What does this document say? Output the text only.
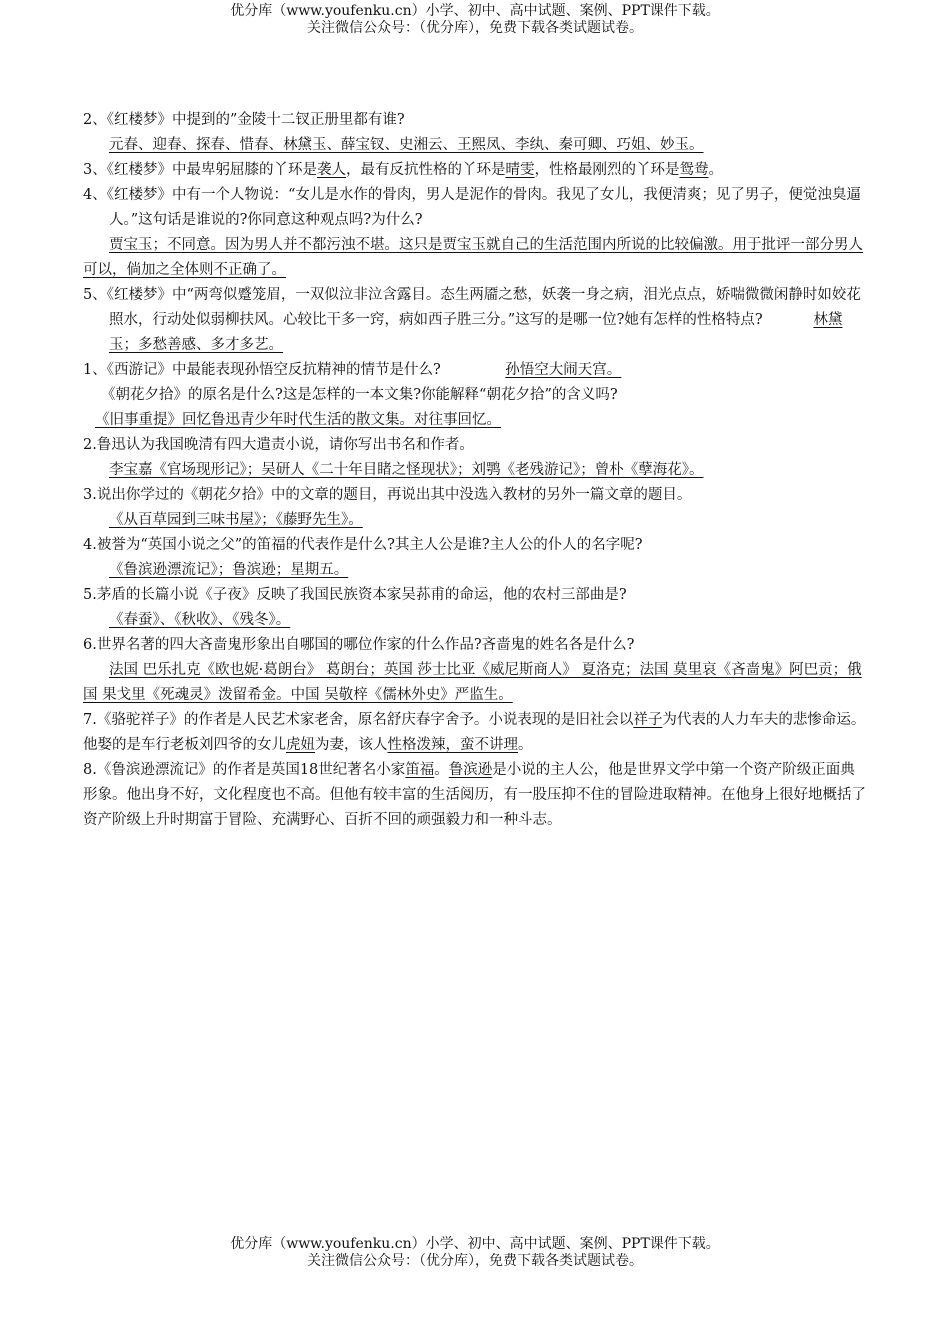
优分库（www.youfenku.cn）小学、初中、高中试题、案例、PPT课件下载。
关注微信公众号：（优分库），免费下载各类试题试卷。

2、《红楼梦》中提到的”金陵十二钗正册里都有谁?

元春、迎春、探春、惜春、林黛玉、薛宝钗、史湘云、王熙凤、李纨、秦可卿、巧姐、妙玉。

3、《红楼梦》中最卑躬屈膝的丫环是袭人，最有反抗性格的丫环是晴雯，性格最刚烈的丫环是鸳鸯。

4、《红楼梦》中有一个人物说：“女儿是水作的骨肉，男人是泥作的骨肉。我见了女儿，我便清爽；见了男子，便觉浊臭逼人。”这句话是谁说的?你同意这种观点吗?为什么?

贾宝玉；不同意。因为男人并不都污浊不堪。这只是贾宝玉就自己的生活范围内所说的比较偏激。用于批评一部分男人可以，倘加之全体则不正确了。

5、《红楼梦》中“两弯似蹙笼眉，一双似泣非泣含露目。态生两靥之愁，妖袭一身之病，泪光点点，娇喘微微闲静时如姣花照水，行动处似弱柳扶风。心较比干多一窍，病如西子胜三分。”这写的是哪一位?她有怎样的性格特点?	林黛玉；多愁善感、多才多艺。

1、《西游记》中最能表现孙悟空反抗精神的情节是什么?	孙悟空大闹天宫。

《朝花夕拾》的原名是什么?这是怎样的一本文集?你能解释“朝花夕拾”的含义吗?

《旧事重提》回忆鲁迅青少年时代生活的散文集。对往事回忆。

2.鲁迅认为我国晚清有四大遣责小说，请你写出书名和作者。

李宝嘉《官场现形记》；吴研人《二十年目睹之怪现状》；刘鹗《老残游记》；曾朴《孽海花》。

3.说出你学过的《朝花夕拾》中的文章的题目，再说出其中没选入教材的另外一篇文章的题目。

《从百草园到三味书屋》；《藤野先生》。

4.被誉为“英国小说之父”的笛福的代表作是什么?其主人公是谁?主人公的仆人的名字呢?

《鲁滨逊漂流记》；鲁滨逊；星期五。

5.茅盾的长篇小说《子夜》反映了我国民族资本家吴荪甫的命运，他的农村三部曲是?

《春蚕》、《秋收》、《残冬》。

6.世界名著的四大吝啬鬼形象出自哪国的哪位作家的什么作品?吝啬鬼的姓名各是什么?

法国 巴乐扎克《欧也妮·葛朗台》 葛朗台；英国 莎士比亚《威尼斯商人》 夏洛克；法国 莫里哀《吝啬鬼》阿巴贡；俄国 果戈里《死魂灵》泼留希金。中国 吴敬梓《儒林外史》严监生。

7.《骆驼祥子》的作者是人民艺术家老舍，原名舒庆春字舍予。小说表现的是旧社会以祥子为代表的人力车夫的悲惨命运。他娶的是车行老板刘四爷的女儿虎妞为妻，该人性格泼辣，蛮不讲理。

8.《鲁滨逊漂流记》的作者是英国18世纪著名小家笛福。鲁滨逊是小说的主人公，他是世界文学中第一个资产阶级正面典形象。他出身不好，文化程度也不高。但他有较丰富的生活阅历，有一股压抑不住的冒险进取精神。在他身上很好地概括了资产阶级上升时期富于冒险、充满野心、百折不回的顽强毅力和一种斗志。

优分库（www.youfenku.cn）小学、初中、高中试题、案例、PPT课件下载。
关注微信公众号：（优分库），免费下载各类试题试卷。
